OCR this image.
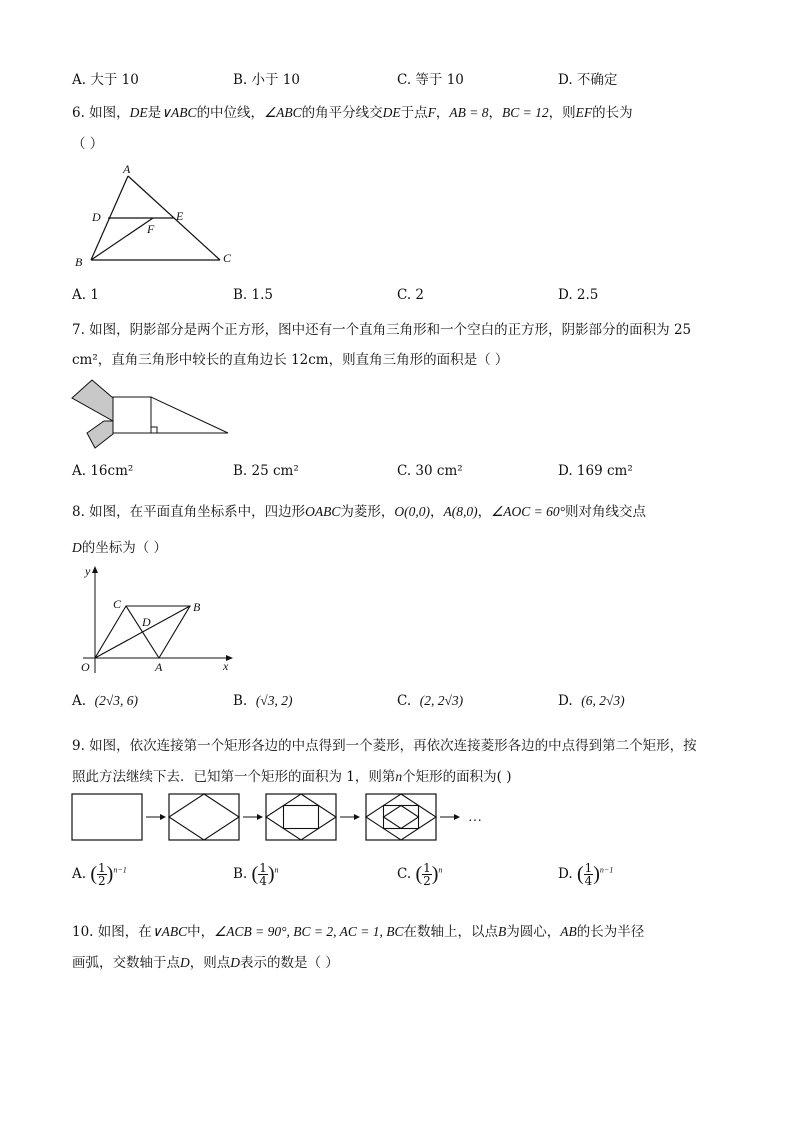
A. 大于 10	B. 小于 10	C. 等于 10	D. 不确定
6. 如图，DE是∨ABC的中位线，∠ABC的角平分线交DE于点F，AB = 8，BC = 12，则EF的长为
（ ）
A
D	E
F
B	C
A. 1	B. 1.5	C. 2	D. 2.5
7. 如图，阴影部分是两个正方形，图中还有一个直角三角形和一个空白的正方形，阴影部分的面积为 25
cm²，直角三角形中较长的直角边长 12cm，则直角三角形的面积是（ ）
A. 16cm²	B. 25 cm²	C. 30 cm²	D. 169 cm²
8. 如图，在平面直角坐标系中，四边形OABC为菱形，O(0,0)，A(8,0)，∠AOC = 60°则对角线交点
D的坐标为（ ）
y
x
O	A
B
C
D
A. (2√3, 6)	B. (√3, 2)	C. (2, 2√3)	D. (6, 2√3)
9. 如图，依次连接第一个矩形各边的中点得到一个菱形，再依次连接菱形各边的中点得到第二个矩形，按
照此方法继续下去．已知第一个矩形的面积为 1，则第n个矩形的面积为( )
…
A. ( $\frac{1}{2} )^{n-1}$	B. ( $\frac{1}{4} )^n$	C. ( $\frac{1}{2} )^n$	D. ( $\frac{1}{4} )^{n-1}$
10. 如图，在∨ABC中，∠ACB = 90°, BC = 2, AC = 1, BC在数轴上，以点B为圆心，AB的长为半径
画弧，交数轴于点D，则点D表示的数是（ ）
